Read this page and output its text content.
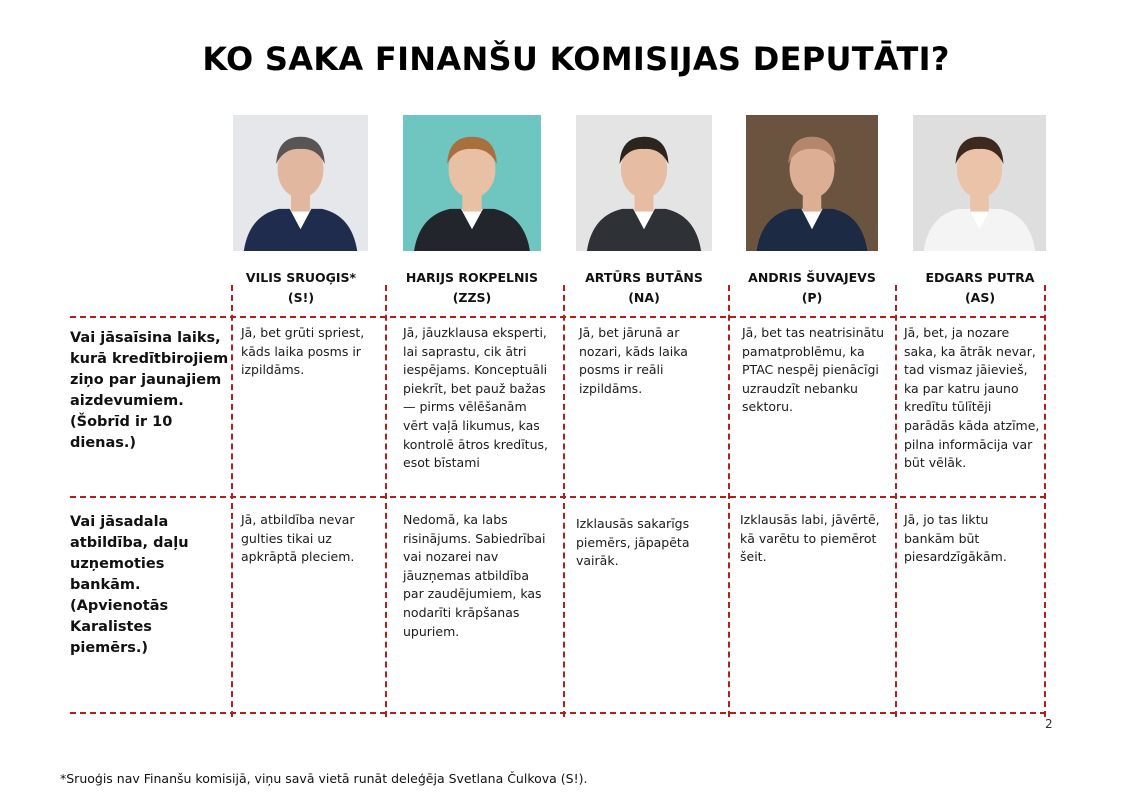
KO SAKA FINANŠU KOMISIJAS DEPUTĀTI?
VILIS SRUOĢIS*
(S!)
HARIJS ROKPELNIS
(ZZS)
ARTŪRS BUTĀNS
(NA)
ANDRIS ŠUVAJEVS
(P)
EDGARS PUTRA
(AS)
Vai jāsaīsina laiks, kurā kredītbirojiem ziņo par jaunajiem aizdevumiem. (Šobrīd ir 10 dienas.)
Vai jāsadala atbildība, daļu uzņemoties bankām. (Apvienotās Karalistes piemērs.)
Jā, bet grūti spriest, kāds laika posms ir izpildāms.
Jā, jāuzklausa eksperti, lai saprastu, cik ātri iespējams. Konceptuāli piekrīt, bet pauž bažas — pirms vēlēšanām vērt vaļā likumus, kas kontrolē ātros kredītus, esot bīstami
Jā, bet jārunā ar nozari, kāds laika posms ir reāli izpildāms.
Jā, bet tas neatrisinātu pamatproblēmu, ka PTAC nespēj pienācīgi uzraudzīt nebanku sektoru.
Jā, bet, ja nozare saka, ka ātrāk nevar, tad vismaz jāievieš, ka par katru jauno kredītu tūlītēji parādās kāda atzīme, pilna informācija var būt vēlāk.
Jā, atbildība nevar gulties tikai uz apkrāptā pleciem.
Nedomā, ka labs risinājums. Sabiedrībai vai nozarei nav jāuzņemas atbildība par zaudējumiem, kas nodarīti krāpšanas upuriem.
Izklausās sakarīgs piemērs, jāpapēta vairāk.
Izklausās labi, jāvērtē, kā varētu to piemērot šeit.
Jā, jo tas liktu bankām būt piesardzīgākām.
2
*Sruoģis nav Finanšu komisijā, viņu savā vietā runāt deleģēja Svetlana Čulkova (S!).
